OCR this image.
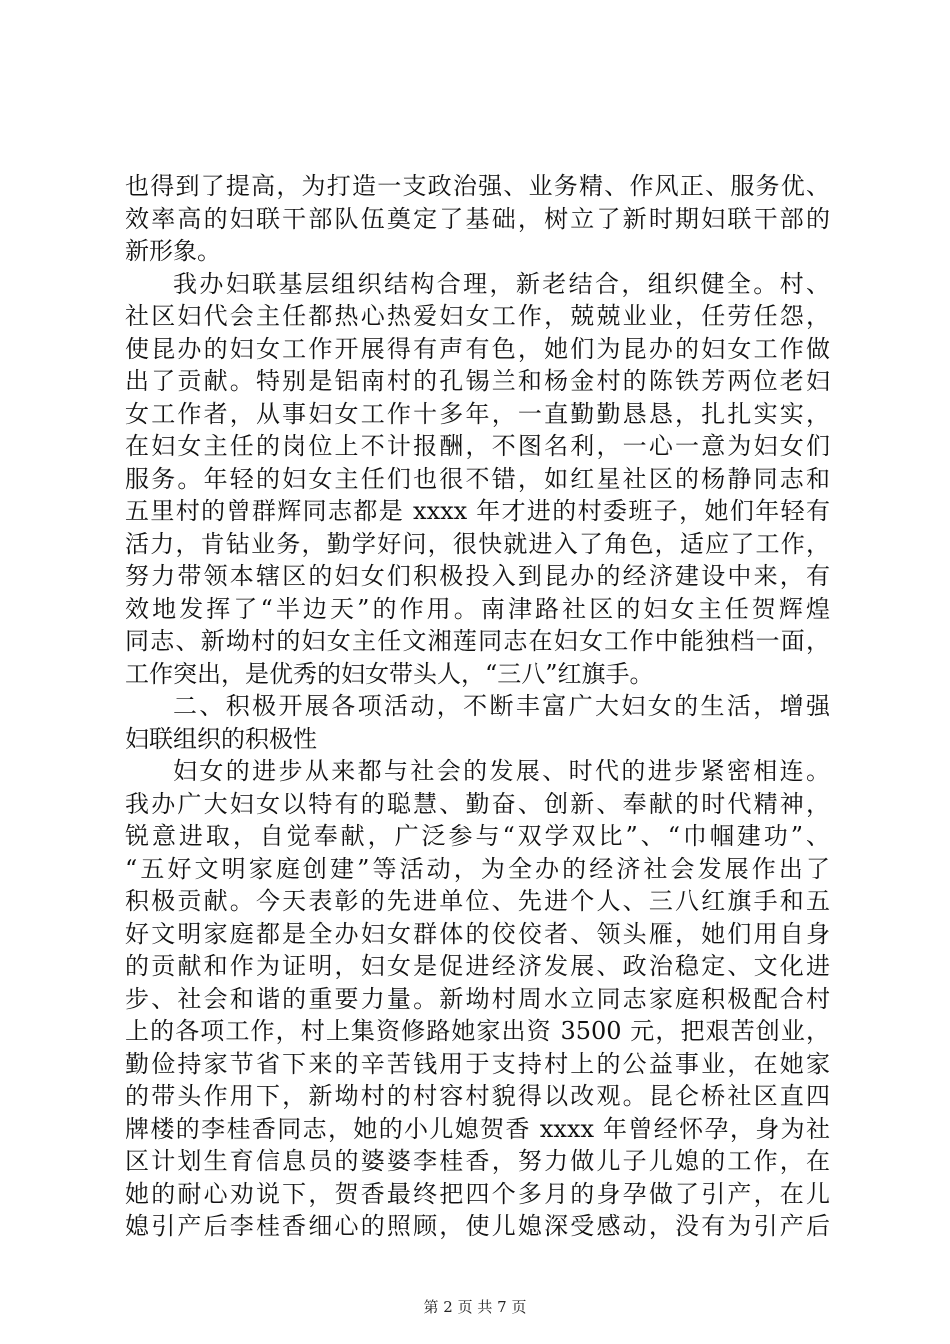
也得到了提高，为打造一支政治强、业务精、作风正、服务优、
效率高的妇联干部队伍奠定了基础，树立了新时期妇联干部的
新形象。
我办妇联基层组织结构合理，新老结合，组织健全。村、
社区妇代会主任都热心热爱妇女工作，兢兢业业，任劳任怨，
使昆办的妇女工作开展得有声有色，她们为昆办的妇女工作做
出了贡献。特别是铝南村的孔锡兰和杨金村的陈铁芳两位老妇
女工作者，从事妇女工作十多年，一直勤勤恳恳，扎扎实实，
在妇女主任的岗位上不计报酬，不图名利，一心一意为妇女们
服务。年轻的妇女主任们也很不错，如红星社区的杨静同志和
五里村的曾群辉同志都是 xxxx 年才进的村委班子，她们年轻有
活力，肯钻业务，勤学好问，很快就进入了角色，适应了工作，
努力带领本辖区的妇女们积极投入到昆办的经济建设中来，有
效地发挥了“半边天”的作用。南津路社区的妇女主任贺辉煌
同志、新坳村的妇女主任文湘莲同志在妇女工作中能独档一面，
工作突出，是优秀的妇女带头人，“三八”红旗手。
二、积极开展各项活动，不断丰富广大妇女的生活，增强
妇联组织的积极性
妇女的进步从来都与社会的发展、时代的进步紧密相连。
我办广大妇女以特有的聪慧、勤奋、创新、奉献的时代精神，
锐意进取，自觉奉献，广泛参与“双学双比”、“巾帼建功”、
“五好文明家庭创建”等活动，为全办的经济社会发展作出了
积极贡献。今天表彰的先进单位、先进个人、三八红旗手和五
好文明家庭都是全办妇女群体的佼佼者、领头雁，她们用自身
的贡献和作为证明，妇女是促进经济发展、政治稳定、文化进
步、社会和谐的重要力量。新坳村周水立同志家庭积极配合村
上的各项工作，村上集资修路她家出资 3500 元，把艰苦创业，
勤俭持家节省下来的辛苦钱用于支持村上的公益事业，在她家
的带头作用下，新坳村的村容村貌得以改观。昆仑桥社区直四
牌楼的李桂香同志，她的小儿媳贺香 xxxx 年曾经怀孕，身为社
区计划生育信息员的婆婆李桂香，努力做儿子儿媳的工作，在
她的耐心劝说下，贺香最终把四个多月的身孕做了引产，在儿
媳引产后李桂香细心的照顾，使儿媳深受感动，没有为引产后
第 2 页 共 7 页
